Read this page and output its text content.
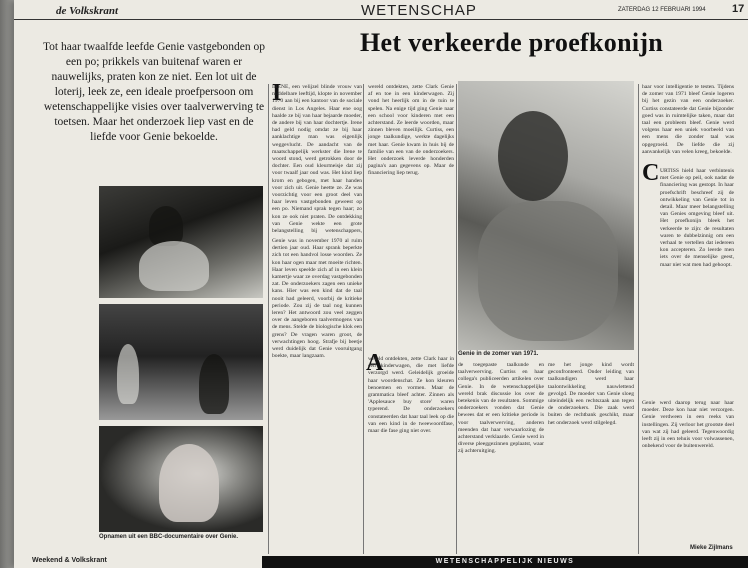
de Volkskrant	WETENSCHAP	ZATERDAG 12 FEBRUARI 1994 17
Het verkeerde proefkonijn
Tot haar twaalfde leefde Genie vastgebonden op een po; prikkels van buitenaf waren er nauwelijks, praten kon ze niet. Een lot uit de loterij, leek ze, een ideale proefpersoon om wetenschappelijke visies over taalverwerving te toetsen. Maar het onderzoek liep vast en de liefde voor Genie bekoelde.
Opnamen uit een BBC-documentaire over Genie.
Genie in de zomer van 1971.
I
IRENE, een velijzel blinde vrouw van middelbare leeftijd, klopte in november 1970 aan bij een kantoor van de sociale dienst in Los Angeles. Haar ene oog haalde ze bij van haar bejaarde moeder, de andere bij van haar dochtertje. Irene had geld nodig omdat ze bij haar aanklachtige man was eigenlijk weggevlucht. De aandacht van de maatschappelijk werkster die Irene te woord stond, werd getrokken door de dochter. Een oud kleurmeisje dat zij voor twaalf jaar oud was. Het kind liep krom en gebogen, met haar handen voor zich uit. Genie heette ze. Ze was voorzichtig voor een groot deel van haar leven vastgebonden geweest op een po. Niemand sprak tegen haar; zo kon ze ook niet praten. De ontdekking van Genie wekte een grote belangstelling bij wetenschappers,
Genie was in november 1970 al ruim dertien jaar oud. Haar sprank beperkte zich tot een handvol losse woorden. Ze kon haar ogen maar met moeite richten. Haar leven speelde zich af in een klein kamertje waar ze overdag vastgebonden zat. De onderzoekers zagen een unieke kans. Hier was een kind dat de taal nooit had geleerd, voorbij de kritieke periode. Zou zij de taal nog kunnen leren? Het antwoord zou veel zeggen over de aangeboren taalvermogens van de mens. Stelde de biologische klok een grens? De vragen waren groot, de verwachtingen hoog. Strafje bij beetje werd duidelijk dat Genie vooruitgang boekte, maar langzaam.
wereld ontdekten, zette Clark Genie af en toe in een kinderwagen. Zij vond het heerlijk om in de tuin te spelen. Na enige tijd ging Genie naar een school voor kinderen met een achterstand. Ze leerde woorden, maar zinnen bleven moeilijk. Curtiss, een jonge taalkundige, werkte dagelijks met haar. Genie kwam in huis bij de familie van een van de onderzoekers. Het onderzoek leverde honderden pagina's aan gegevens op. Maar de financiering liep terug.
A
wereld ontdekten, zette Clark haar in een kinderwagen, die met liefde verzorgd werd. Geleidelijk groeide haar woordenschat. Ze kon kleuren benoemen en vormen. Maar de grammatica bleef achter. Zinnen als 'Applesauce buy store' waren typerend. De onderzoekers constateerden dat haar taal leek op die van een kind in de tweewoordfase, maar die fase ging niet over.
de toegepaste taalkunde en taalverwerving. Curtiss en haar collega's publiceerden artikelen over Genie. In de wetenschappelijke wereld brak discussie los over de betekenis van de resultaten. Sommige onderzoekers vonden dat Genie bewees dat er een kritieke periode is voor taalverwerving, anderen meenden dat haar verwaarlozing de achterstand verklaarde. Genie werd in diverse pleeggezinnen geplaatst, waar zij achteruitging.
me het jonge kind wordt geconfronteerd. Onder leiding van taalkundigen werd haar taalontwikkeling nauwlettend gevolgd. De moeder van Genie sloeg uiteindelijk een rechtszaak aan tegen de onderzoekers. Die zaak werd buiten de rechtbank geschikt, maar het onderzoek werd stilgelegd.
haar voor intelligentie te testen. Tijdens de zomer van 1971 bleef Genie logeren bij het gezin van een onderzoeker. Curtiss constateerde dat Genie bijzonder goed was in ruimtelijke taken, maar dat taal een probleem bleef. Genie werd volgens haar een uniek voorbeeld van een mens die zonder taal was opgegroeid. De liefde die zij aanvankelijk van velen kreeg, bekoelde.
C URTISS hield haar verbintenis met Genie op peil, ook nadat de financiering was gestopt. In haar proefschrift beschreef zij de ontwikkeling van Genie tot in detail. Maar meer belangstelling van Genies omgeving bleef uit. Het proefkonijn bleek het verkeerde te zijn: de resultaten waren te dubbelzinnig om een verhaal te vertellen dat iedereen kon accepteren. Zo leerde men iets over de menselijke geest, maar niet wat men had gehoopt.
Genie werd daarop terug naar haar moeder. Deze kon haar niet verzorgen. Genie verdween in een reeks van instellingen. Zij verloor het grootste deel van wat zij had geleerd. Tegenwoordig leeft zij in een tehuis voor volwassenen, onbekend voor de buitenwereld.
Mieke Zijlmans
Weekend & Volkskrant	WETENSCHAPPELIJK NIEUWS
